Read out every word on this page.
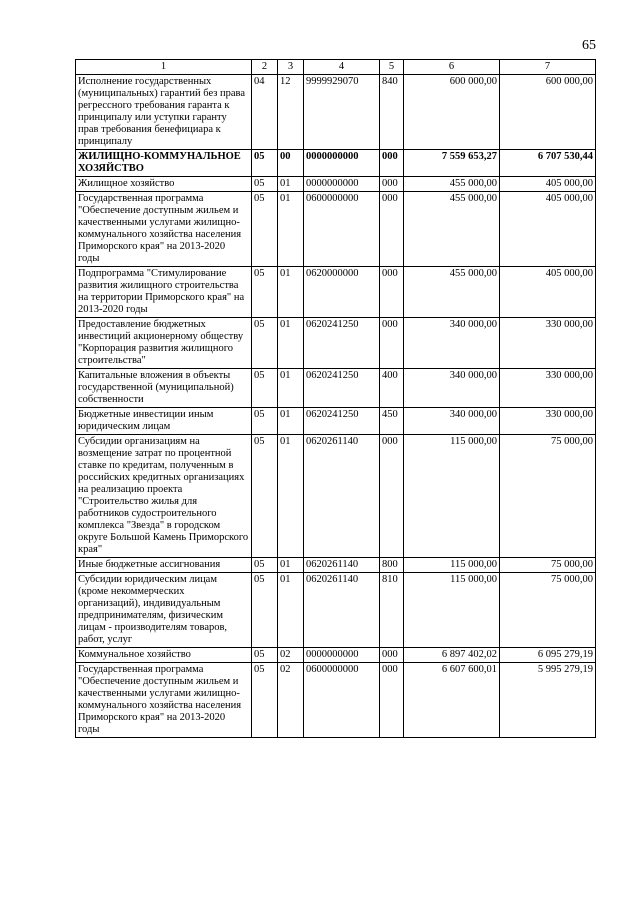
65
1	2	3	4	5	6	7
Исполнение государственных (муниципальных) гарантий без права регрессного требования гаранта к принципалу или уступки гаранту прав требования бенефициара к принципалу	04	12	9999929070	840	600 000,00	600 000,00
ЖИЛИЩНО-КОММУНАЛЬНОЕ ХОЗЯЙСТВО	05	00	0000000000	000	7 559 653,27	6 707 530,44
Жилищное хозяйство	05	01	0000000000	000	455 000,00	405 000,00
Государственная программа "Обеспечение доступным жильем и качественными услугами жилищно-коммунального хозяйства населения Приморского края" на 2013-2020 годы	05	01	0600000000	000	455 000,00	405 000,00
Подпрограмма "Стимулирование развития жилищного строительства на территории Приморского края" на 2013-2020 годы	05	01	0620000000	000	455 000,00	405 000,00
Предоставление бюджетных инвестиций акционерному обществу "Корпорация развития жилищного строительства"	05	01	0620241250	000	340 000,00	330 000,00
Капитальные вложения в объекты государственной (муниципальной) собственности	05	01	0620241250	400	340 000,00	330 000,00
Бюджетные инвестиции иным юридическим лицам	05	01	0620241250	450	340 000,00	330 000,00
Субсидии организациям на возмещение затрат по процентной ставке по кредитам, полученным в российских кредитных организациях на реализацию проекта "Строительство жилья для работников судостроительного комплекса "Звезда" в городском округе Большой Камень Приморского края"	05	01	0620261140	000	115 000,00	75 000,00
Иные бюджетные ассигнования	05	01	0620261140	800	115 000,00	75 000,00
Субсидии юридическим лицам (кроме некоммерческих организаций), индивидуальным предпринимателям, физическим лицам - производителям товаров, работ, услуг	05	01	0620261140	810	115 000,00	75 000,00
Коммунальное хозяйство	05	02	0000000000	000	6 897 402,02	6 095 279,19
Государственная программа "Обеспечение доступным жильем и качественными услугами жилищно-коммунального хозяйства населения Приморского края" на 2013-2020 годы	05	02	0600000000	000	6 607 600,01	5 995 279,19
